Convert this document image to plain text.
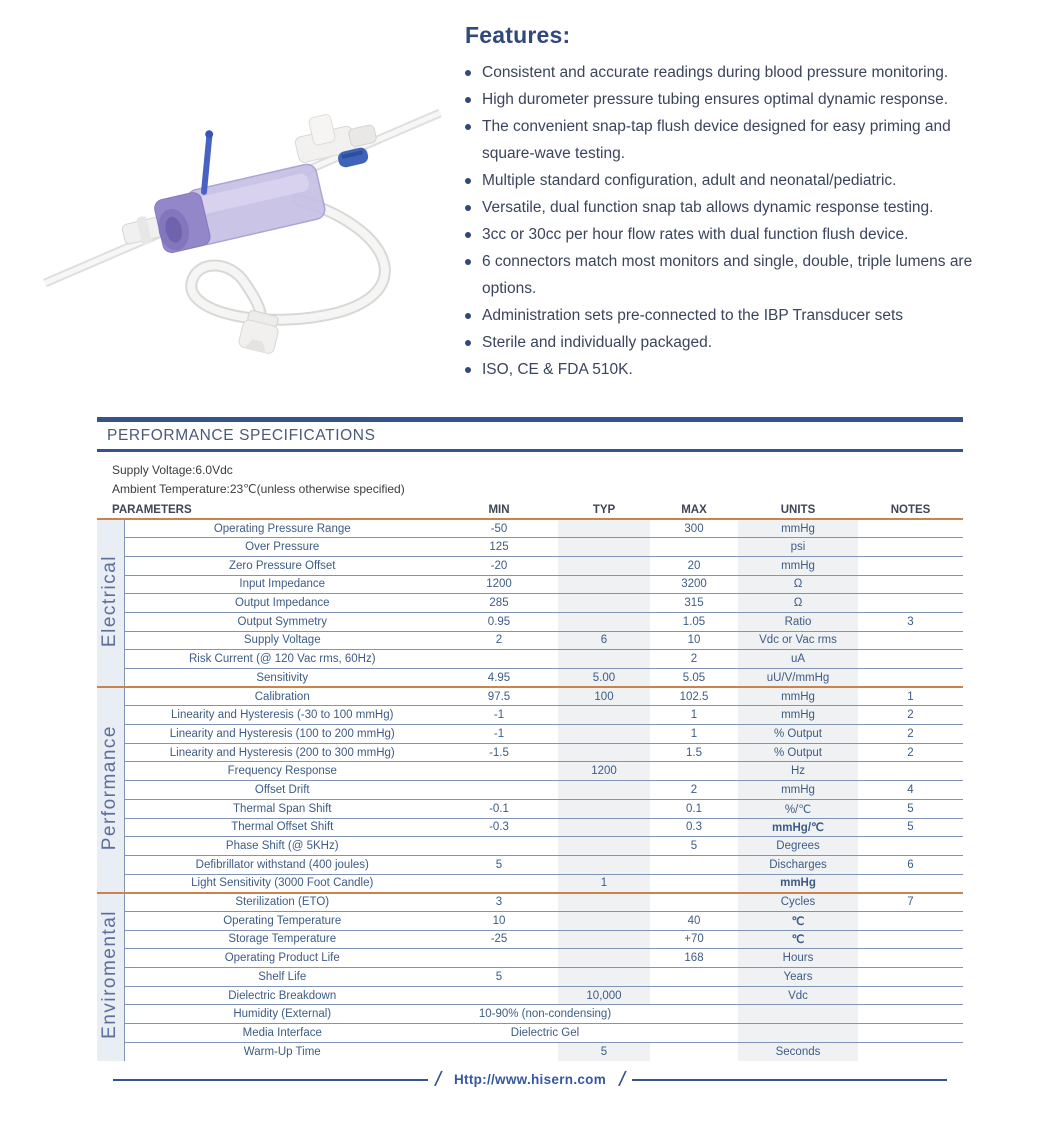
Features:
Consistent and accurate readings during blood pressure monitoring.
High durometer pressure tubing ensures optimal dynamic response.
The convenient snap-tap flush device designed for easy priming and square-wave testing.
Multiple standard configuration, adult and neonatal/pediatric.
Versatile, dual function snap tab allows dynamic response testing.
3cc or 30cc per hour flow rates with dual function flush device.
6 connectors match most monitors and single, double, triple lumens are options.
Administration sets pre-connected to the IBP Transducer sets
Sterile and individually packaged.
ISO, CE & FDA 510K.
PERFORMANCE SPECIFICATIONS
Supply Voltage:6.0Vdc
Ambient Temperature:23℃(unless otherwise specified)
PARAMETERS		MIN	TYP	MAX	UNITS	NOTES
Electrical	Operating Pressure Range	-50		300	mmHg	
	Over Pressure	125			psi	
	Zero Pressure Offset	-20		20	mmHg	
	Input Impedance	1200		3200	Ω	
	Output Impedance	285		315	Ω	
	Output Symmetry	0.95		1.05	Ratio	3
	Supply Voltage	2	6	10	Vdc or Vac rms	
	Risk Current (@ 120 Vac rms, 60Hz)			2	uA	
	Sensitivity	4.95	5.00	5.05	uU/V/mmHg	
Performance	Calibration	97.5	100	102.5	mmHg	1
	Linearity and Hysteresis (-30 to 100 mmHg)	-1		1	mmHg	2
	Linearity and Hysteresis (100 to 200 mmHg)	-1		1	% Output	2
	Linearity and Hysteresis (200 to 300 mmHg)	-1.5		1.5	% Output	2
	Frequency Response		1200		Hz	
	Offset Drift			2	mmHg	4
	Thermal Span Shift	-0.1		0.1	%/℃	5
	Thermal Offset Shift	-0.3		0.3	mmHg/℃	5
	Phase Shift (@ 5KHz)			5	Degrees	
	Defibrillator withstand (400 joules)	5			Discharges	6
	Light Sensitivity (3000 Foot Candle)		1		mmHg	
Enviromental	Sterilization (ETO)	3			Cycles	7
	Operating Temperature	10		40	℃	
	Storage Temperature	-25		+70	℃	
	Operating Product Life			168	Hours	
	Shelf Life	5			Years	
	Dielectric Breakdown		10,000		Vdc	
	Humidity (External)	10-90% (non-condensing)				
	Media Interface	Dielectric Gel				
	Warm-Up Time		5		Seconds	
/ Http://www.hisern.com /
